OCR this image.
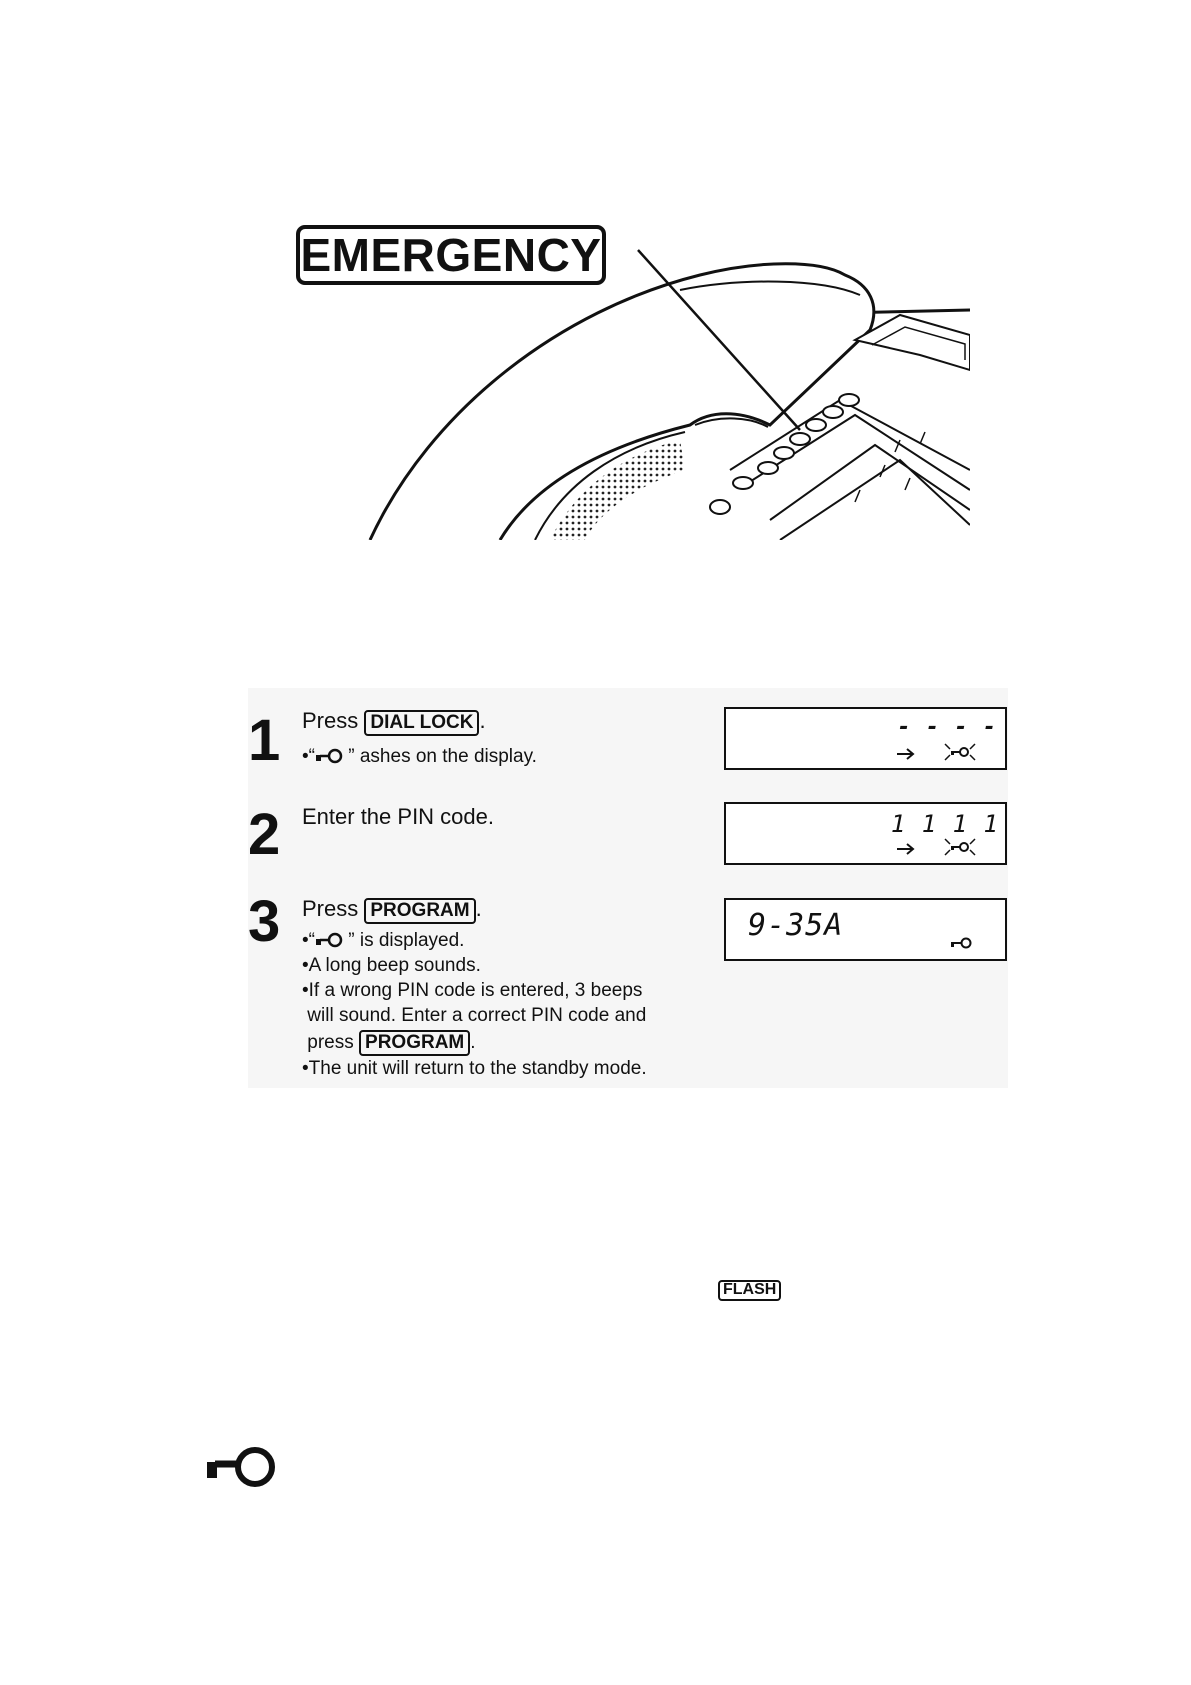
EMERGENCY
1 Press DIAL LOCK .
•“ ” ashes on the display.
- - - -
2 Enter the PIN code.	1 1 1 1
3 Press PROGRAM .
•“ ” is displayed.
•A long beep sounds.
•If a wrong PIN code is entered, 3 beeps
will sound. Enter a correct PIN code and
press PROGRAM .
•The unit will return to the standby mode.
9-35A
FLASH
